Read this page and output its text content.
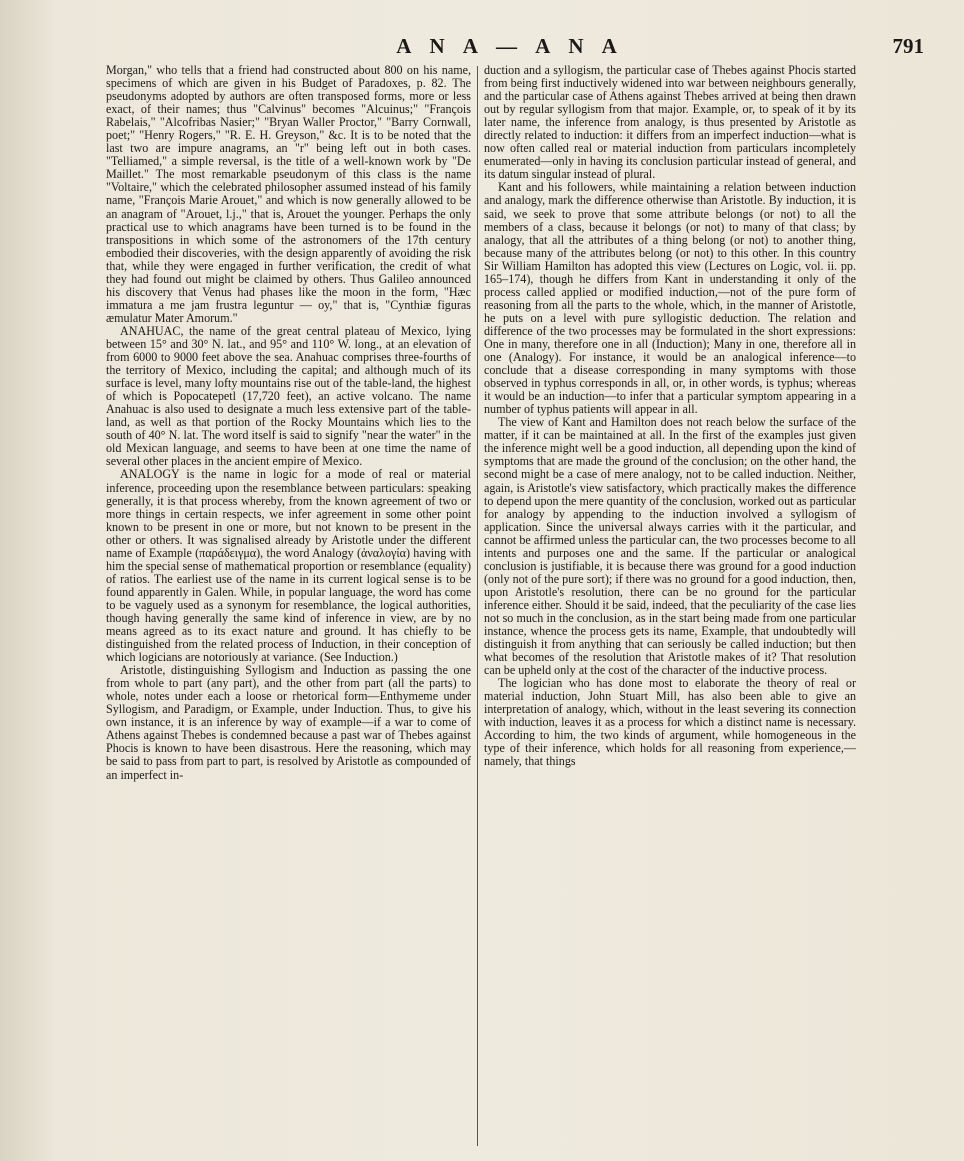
A N A — A N A	791

Morgan," who tells that a friend had constructed about 800 on his name, specimens of which are given in his Budget of Paradoxes, p. 82. The pseudonyms adopted by authors are often transposed forms, more or less exact, of their names; thus "Calvinus" becomes "Alcuinus;" "François Rabelais," "Alcofribas Nasier;" "Bryan Waller Proctor," "Barry Cornwall, poet;" "Henry Rogers," "R. E. H. Greyson," &c. It is to be noted that the last two are impure anagrams, an "r" being left out in both cases. "Telliamed," a simple reversal, is the title of a well-known work by "De Maillet." The most remarkable pseudonym of this class is the name "Voltaire," which the celebrated philosopher assumed instead of his family name, "François Marie Arouet," and which is now generally allowed to be an anagram of "Arouet, l.j.," that is, Arouet the younger. Perhaps the only practical use to which anagrams have been turned is to be found in the transpositions in which some of the astronomers of the 17th century embodied their discoveries, with the design apparently of avoiding the risk that, while they were engaged in further verification, the credit of what they had found out might be claimed by others. Thus Galileo announced his discovery that Venus had phases like the moon in the form, "Hæc immatura a me jam frustra leguntur — oy," that is, "Cynthiæ figuras æmulatur Mater Amorum."

ANAHUAC, the name of the great central plateau of Mexico, lying between 15° and 30° N. lat., and 95° and 110° W. long., at an elevation of from 6000 to 9000 feet above the sea. Anahuac comprises three-fourths of the territory of Mexico, including the capital; and although much of its surface is level, many lofty mountains rise out of the table-land, the highest of which is Popocatepetl (17,720 feet), an active volcano. The name Anahuac is also used to designate a much less extensive part of the table-land, as well as that portion of the Rocky Mountains which lies to the south of 40° N. lat. The word itself is said to signify "near the water" in the old Mexican language, and seems to have been at one time the name of several other places in the ancient empire of Mexico.

ANALOGY is the name in logic for a mode of real or material inference, proceeding upon the resemblance between particulars: speaking generally, it is that process whereby, from the known agreement of two or more things in certain respects, we infer agreement in some other point known to be present in one or more, but not known to be present in the other or others. It was signalised already by Aristotle under the different name of Example (παράδειγμα), the word Analogy (ἀναλογία) having with him the special sense of mathematical proportion or resemblance (equality) of ratios. The earliest use of the name in its current logical sense is to be found apparently in Galen. While, in popular language, the word has come to be vaguely used as a synonym for resemblance, the logical authorities, though having generally the same kind of inference in view, are by no means agreed as to its exact nature and ground. It has chiefly to be distinguished from the related process of Induction, in their conception of which logicians are notoriously at variance. (See Induction.)

Aristotle, distinguishing Syllogism and Induction as passing the one from whole to part (any part), and the other from part (all the parts) to whole, notes under each a loose or rhetorical form—Enthymeme under Syllogism, and Paradigm, or Example, under Induction. Thus, to give his own instance, it is an inference by way of example—if a war to come of Athens against Thebes is condemned because a past war of Thebes against Phocis is known to have been disastrous. Here the reasoning, which may be said to pass from part to part, is resolved by Aristotle as compounded of an imperfect in-

duction and a syllogism, the particular case of Thebes against Phocis started from being first inductively widened into war between neighbours generally, and the particular case of Athens against Thebes arrived at being then drawn out by regular syllogism from that major. Example, or, to speak of it by its later name, the inference from analogy, is thus presented by Aristotle as directly related to induction: it differs from an imperfect induction—what is now often called real or material induction from particulars incompletely enumerated—only in having its conclusion particular instead of general, and its datum singular instead of plural.

Kant and his followers, while maintaining a relation between induction and analogy, mark the difference otherwise than Aristotle. By induction, it is said, we seek to prove that some attribute belongs (or not) to all the members of a class, because it belongs (or not) to many of that class; by analogy, that all the attributes of a thing belong (or not) to another thing, because many of the attributes belong (or not) to this other. In this country Sir William Hamilton has adopted this view (Lectures on Logic, vol. ii. pp. 165–174), though he differs from Kant in understanding it only of the process called applied or modified induction,—not of the pure form of reasoning from all the parts to the whole, which, in the manner of Aristotle, he puts on a level with pure syllogistic deduction. The relation and difference of the two processes may be formulated in the short expressions: One in many, therefore one in all (Induction); Many in one, therefore all in one (Analogy). For instance, it would be an analogical inference—to conclude that a disease corresponding in many symptoms with those observed in typhus corresponds in all, or, in other words, is typhus; whereas it would be an induction—to infer that a particular symptom appearing in a number of typhus patients will appear in all.

The view of Kant and Hamilton does not reach below the surface of the matter, if it can be maintained at all. In the first of the examples just given the inference might well be a good induction, all depending upon the kind of symptoms that are made the ground of the conclusion; on the other hand, the second might be a case of mere analogy, not to be called induction. Neither, again, is Aristotle's view satisfactory, which practically makes the difference to depend upon the mere quantity of the conclusion, worked out as particular for analogy by appending to the induction involved a syllogism of application. Since the universal always carries with it the particular, and cannot be affirmed unless the particular can, the two processes become to all intents and purposes one and the same. If the particular or analogical conclusion is justifiable, it is because there was ground for a good induction (only not of the pure sort); if there was no ground for a good induction, then, upon Aristotle's resolution, there can be no ground for the particular inference either. Should it be said, indeed, that the peculiarity of the case lies not so much in the conclusion, as in the start being made from one particular instance, whence the process gets its name, Example, that undoubtedly will distinguish it from anything that can seriously be called induction; but then what becomes of the resolution that Aristotle makes of it? That resolution can be upheld only at the cost of the character of the inductive process.

The logician who has done most to elaborate the theory of real or material induction, John Stuart Mill, has also been able to give an interpretation of analogy, which, without in the least severing its connection with induction, leaves it as a process for which a distinct name is necessary. According to him, the two kinds of argument, while homogeneous in the type of their inference, which holds for all reasoning from experience,—namely, that things
